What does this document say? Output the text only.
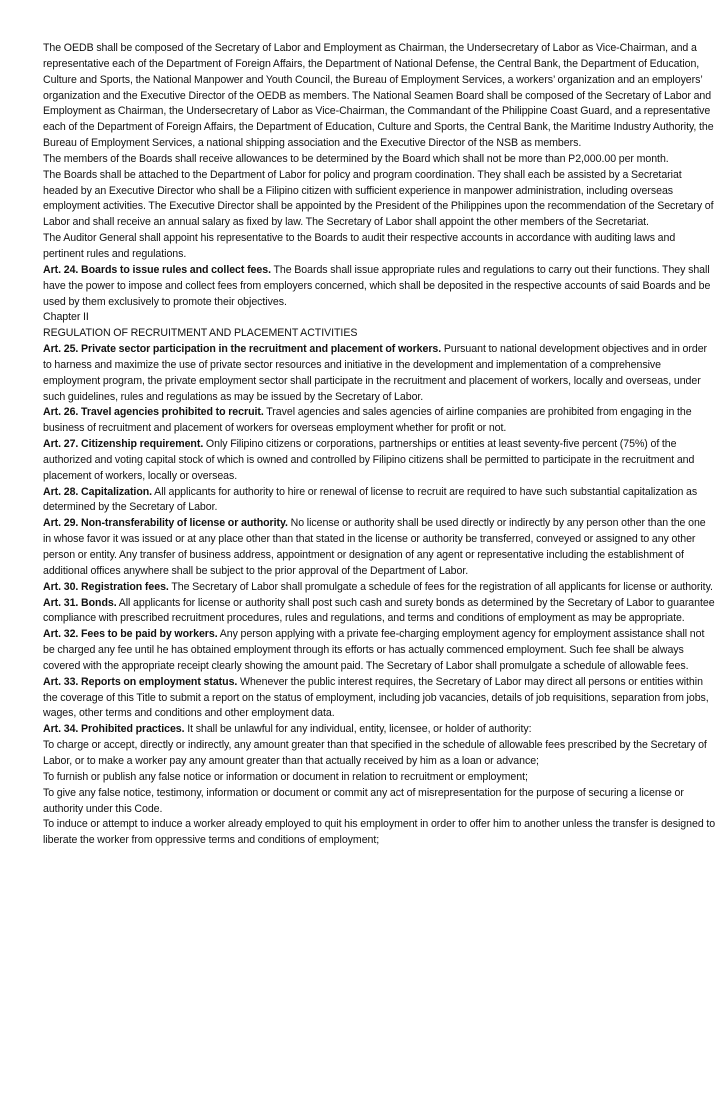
The OEDB shall be composed of the Secretary of Labor and Employment as Chairman, the Undersecretary of Labor as Vice-Chairman, and a representative each of the Department of Foreign Affairs, the Department of National Defense, the Central Bank, the Department of Education, Culture and Sports, the National Manpower and Youth Council, the Bureau of Employment Services, a workers’ organization and an employers’ organization and the Executive Director of the OEDB as members. The National Seamen Board shall be composed of the Secretary of Labor and Employment as Chairman, the Undersecretary of Labor as Vice-Chairman, the Commandant of the Philippine Coast Guard, and a representative each of the Department of Foreign Affairs, the Department of Education, Culture and Sports, the Central Bank, the Maritime Industry Authority, the Bureau of Employment Services, a national shipping association and the Executive Director of the NSB as members.

The members of the Boards shall receive allowances to be determined by the Board which shall not be more than P2,000.00 per month.

The Boards shall be attached to the Department of Labor for policy and program coordination. They shall each be assisted by a Secretariat headed by an Executive Director who shall be a Filipino citizen with sufficient experience in manpower administration, including overseas employment activities. The Executive Director shall be appointed by the President of the Philippines upon the recommendation of the Secretary of Labor and shall receive an annual salary as fixed by law. The Secretary of Labor shall appoint the other members of the Secretariat.

The Auditor General shall appoint his representative to the Boards to audit their respective accounts in accordance with auditing laws and pertinent rules and regulations.

Art. 24. Boards to issue rules and collect fees. The Boards shall issue appropriate rules and regulations to carry out their functions. They shall have the power to impose and collect fees from employers concerned, which shall be deposited in the respective accounts of said Boards and be used by them exclusively to promote their objectives.

Chapter II

REGULATION OF RECRUITMENT AND PLACEMENT ACTIVITIES

Art. 25. Private sector participation in the recruitment and placement of workers. Pursuant to national development objectives and in order to harness and maximize the use of private sector resources and initiative in the development and implementation of a comprehensive employment program, the private employment sector shall participate in the recruitment and placement of workers, locally and overseas, under such guidelines, rules and regulations as may be issued by the Secretary of Labor.

Art. 26. Travel agencies prohibited to recruit. Travel agencies and sales agencies of airline companies are prohibited from engaging in the business of recruitment and placement of workers for overseas employment whether for profit or not.

Art. 27. Citizenship requirement. Only Filipino citizens or corporations, partnerships or entities at least seventy-five percent (75%) of the authorized and voting capital stock of which is owned and controlled by Filipino citizens shall be permitted to participate in the recruitment and placement of workers, locally or overseas.

Art. 28. Capitalization. All applicants for authority to hire or renewal of license to recruit are required to have such substantial capitalization as determined by the Secretary of Labor.

Art. 29. Non-transferability of license or authority. No license or authority shall be used directly or indirectly by any person other than the one in whose favor it was issued or at any place other than that stated in the license or authority be transferred, conveyed or assigned to any other person or entity. Any transfer of business address, appointment or designation of any agent or representative including the establishment of additional offices anywhere shall be subject to the prior approval of the Department of Labor.

Art. 30. Registration fees. The Secretary of Labor shall promulgate a schedule of fees for the registration of all applicants for license or authority.

Art. 31. Bonds. All applicants for license or authority shall post such cash and surety bonds as determined by the Secretary of Labor to guarantee compliance with prescribed recruitment procedures, rules and regulations, and terms and conditions of employment as may be appropriate.

Art. 32. Fees to be paid by workers. Any person applying with a private fee-charging employment agency for employment assistance shall not be charged any fee until he has obtained employment through its efforts or has actually commenced employment. Such fee shall be always covered with the appropriate receipt clearly showing the amount paid. The Secretary of Labor shall promulgate a schedule of allowable fees.

Art. 33. Reports on employment status. Whenever the public interest requires, the Secretary of Labor may direct all persons or entities within the coverage of this Title to submit a report on the status of employment, including job vacancies, details of job requisitions, separation from jobs, wages, other terms and conditions and other employment data.

Art. 34. Prohibited practices. It shall be unlawful for any individual, entity, licensee, or holder of authority:

To charge or accept, directly or indirectly, any amount greater than that specified in the schedule of allowable fees prescribed by the Secretary of Labor, or to make a worker pay any amount greater than that actually received by him as a loan or advance;

To furnish or publish any false notice or information or document in relation to recruitment or employment;

To give any false notice, testimony, information or document or commit any act of misrepresentation for the purpose of securing a license or authority under this Code.

To induce or attempt to induce a worker already employed to quit his employment in order to offer him to another unless the transfer is designed to liberate the worker from oppressive terms and conditions of employment;
